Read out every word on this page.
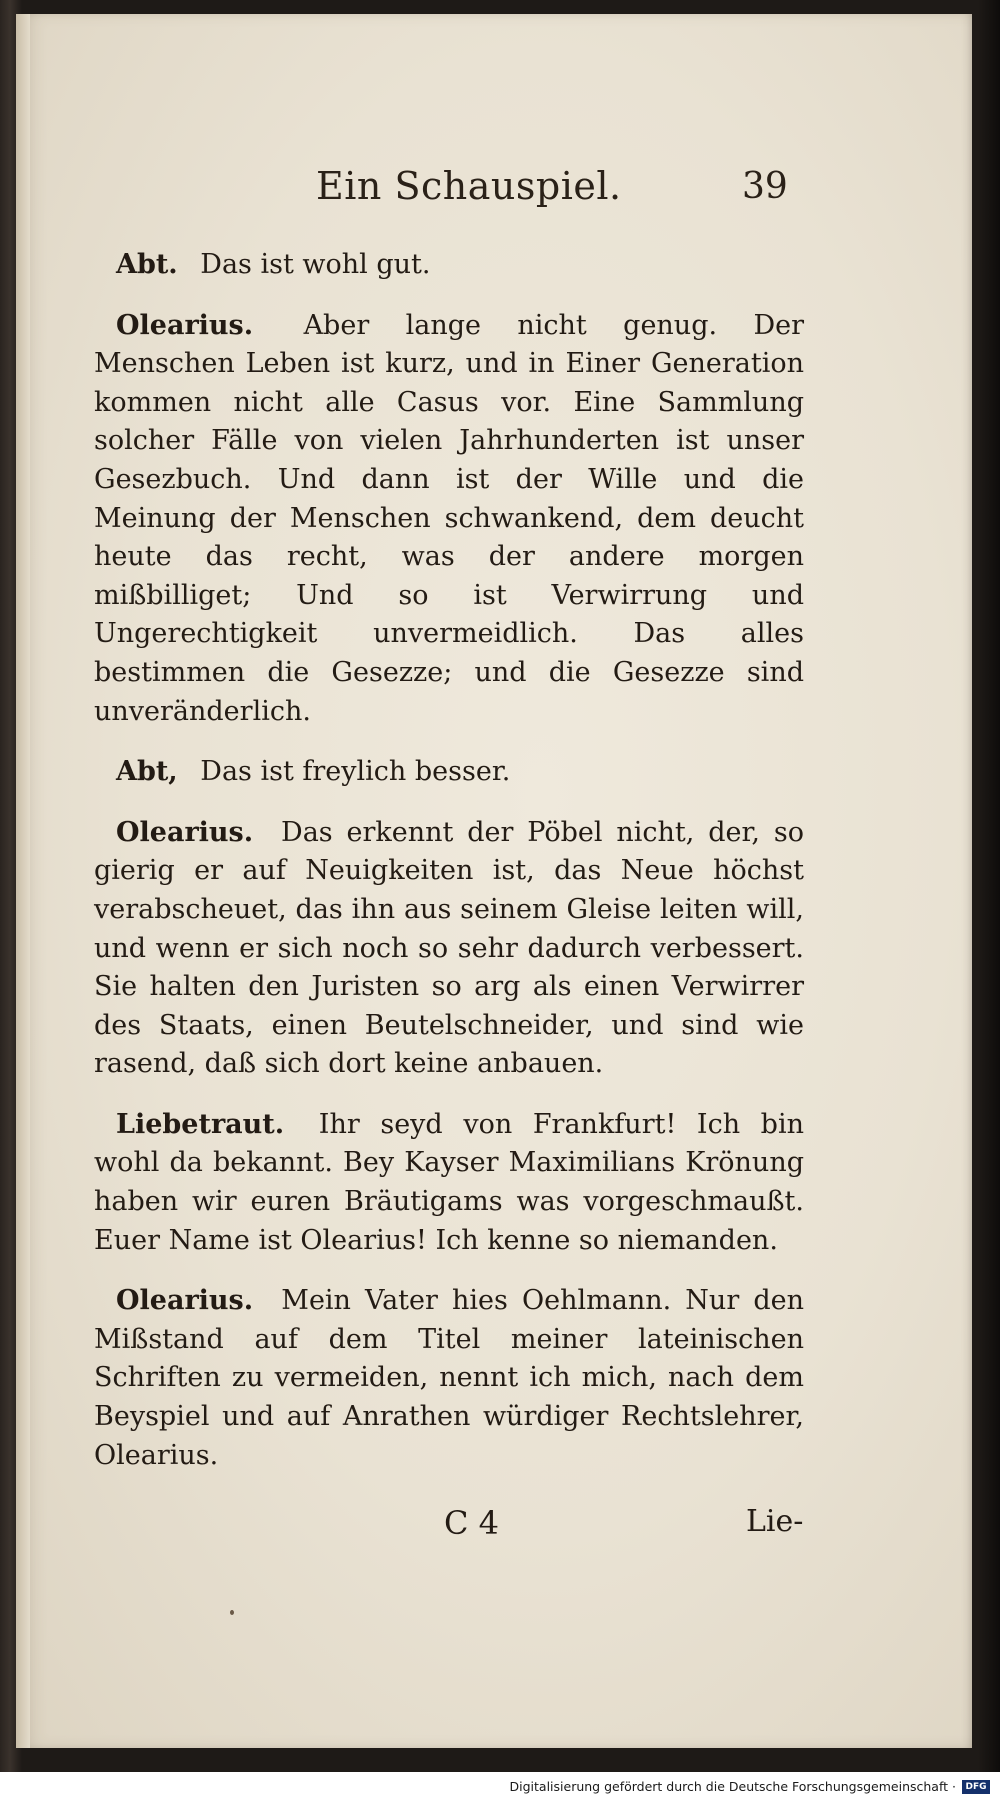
Ein Schauspiel.	39

Abt. Das ist wohl gut.

Olearius. Aber lange nicht genug. Der Menschen Leben ist kurz, und in Einer Generation kommen nicht alle Casus vor. Eine Sammlung solcher Fälle von vielen Jahrhunderten ist unser Gesezbuch. Und dann ist der Wille und die Meinung der Menschen schwankend, dem deucht heute das recht, was der andere morgen mißbilliget; Und so ist Verwirrung und Ungerechtigkeit unvermeidlich. Das alles bestimmen die Gesezze; und die Gesezze sind unveränderlich.

Abt, Das ist freylich besser.

Olearius. Das erkennt der Pöbel nicht, der, so gierig er auf Neuigkeiten ist, das Neue höchst verabscheuet, das ihn aus seinem Gleise leiten will, und wenn er sich noch so sehr dadurch verbessert. Sie halten den Juristen so arg als einen Verwirrer des Staats, einen Beutelschneider, und sind wie rasend, daß sich dort keine anbauen.

Liebetraut. Ihr seyd von Frankfurt! Ich bin wohl da bekannt. Bey Kayser Maximilians Krönung haben wir euren Bräutigams was vorgeschmaußt. Euer Name ist Olearius! Ich kenne so niemanden.

Olearius. Mein Vater hies Oehlmann. Nur den Mißstand auf dem Titel meiner lateinischen Schriften zu vermeiden, nennt ich mich, nach dem Beyspiel und auf Anrathen würdiger Rechtslehrer, Olearius.

C 4	Lie-
Digitalisierung gefördert durch die Deutsche Forschungsgemeinschaft ·	DFG
